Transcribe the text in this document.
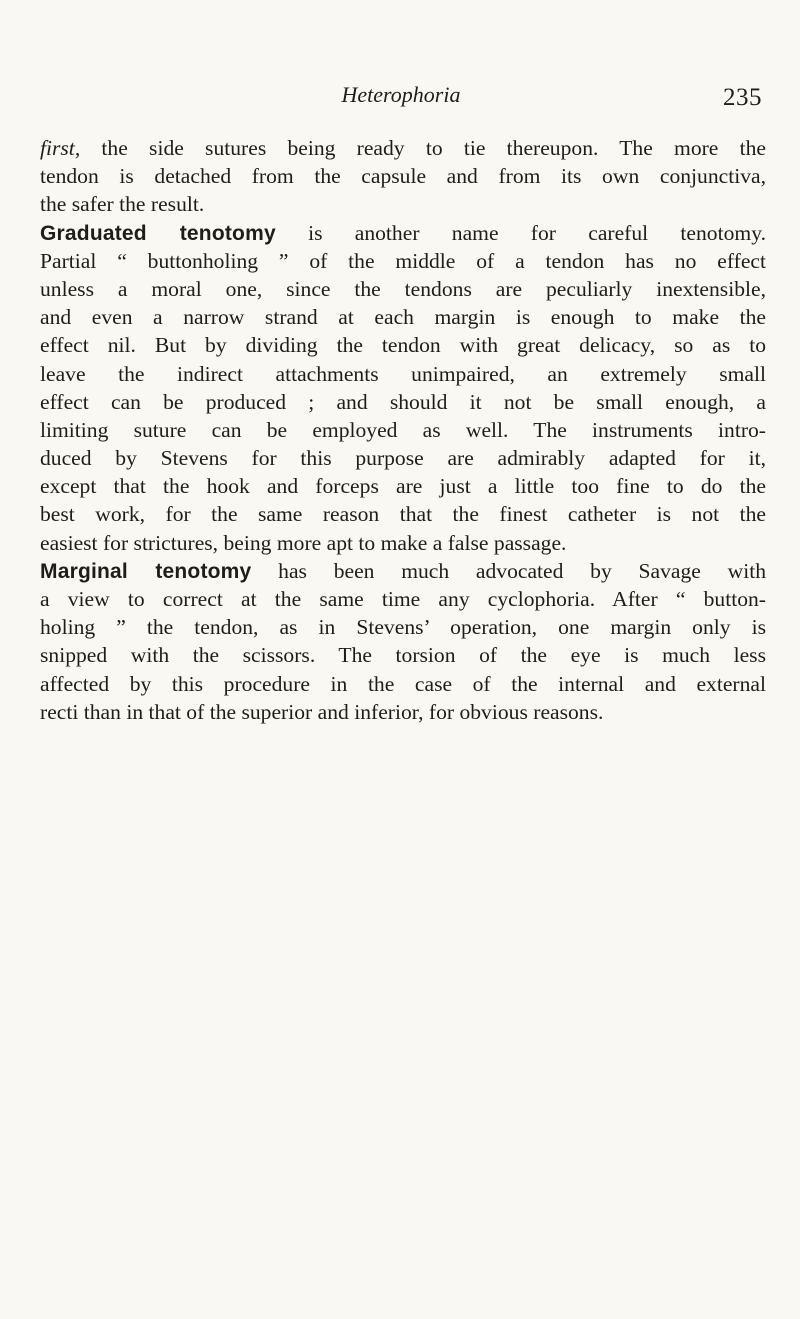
Heterophoria	235
first, the side sutures being ready to tie thereupon. The more the
tendon is detached from the capsule and from its own conjunctiva,
the safer the result.
Graduated tenotomy is another name for careful tenotomy.
Partial “ buttonholing ” of the middle of a tendon has no effect
unless a moral one, since the tendons are peculiarly inextensible,
and even a narrow strand at each margin is enough to make the
effect nil. But by dividing the tendon with great delicacy, so as to
leave the indirect attachments unimpaired, an extremely small
effect can be produced ; and should it not be small enough, a
limiting suture can be employed as well. The instruments intro-
duced by Stevens for this purpose are admirably adapted for it,
except that the hook and forceps are just a little too fine to do the
best work, for the same reason that the finest catheter is not the
easiest for strictures, being more apt to make a false passage.
Marginal tenotomy has been much advocated by Savage with
a view to correct at the same time any cyclophoria. After “ button-
holing ” the tendon, as in Stevens’ operation, one margin only is
snipped with the scissors. The torsion of the eye is much less
affected by this procedure in the case of the internal and external
recti than in that of the superior and inferior, for obvious reasons.
